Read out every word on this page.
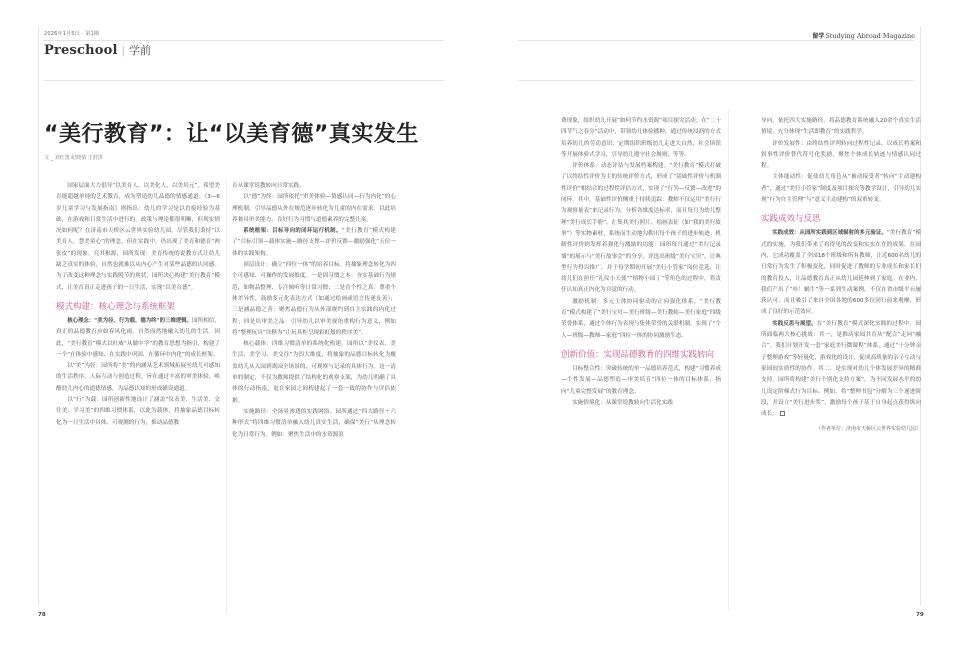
2026年1月5日 · 第1期
Preschool | 学前
“美行教育”：让“以美育德”真实发生
文 _ 刘红蕾 纪晓倩 王舒淇

国家层面大力倡导“以美育人、以美化人、以美培元”，希望美育能超越单纯的艺术教育，成为塑造幼儿品德的情感通道。《3—6岁儿童学习与发展指南》则指出：幼儿的学习是以直接经验为基础，在游戏和日常生活中进行的。政策与理论都很明晰，但现实情况如何呢？在济南市天桥区云世界实验幼儿园，尽管我们秉持“以美育人，慧美童心”的理念，但在实践中，仍出现了美育和德育“两张皮”的现象。究其根源，园所发现：美育传统的说教方式让幼儿缺乏真实的体验，自然也就难以从内心产生对某些品德的认同感。为了改变这种理念与实践脱节的现状，园所决心构建“美行教育”模式，让美育真正走进孩子的一日生活，实现“以美育德”。

模式构建：核心理念与系统框架

核心理念：“美为径、行为载、德为终”的三维逻辑。园所相信，真正的品德教育应如春风化雨，自然而然地融入幼儿的生活。因此，“美行教育”模式以杜威“从做中学”的教育思想为指引，构建了一个“在体验中感知、在实践中巩固、在循环中内化”的成长框架。

以“美”为径：园所将“美”的内涵从艺术领域拓展至幼儿可感知的生活秩序、人际互动与创造过程，旨在通过丰富的审美体验，唤醒幼儿内心的道德情感，为品德认知的形成铺设通道。

以“行”为载：园所创新性地设计了涵盖“仪表美、生活美、交往美、学习美”的四维习惯体系，以此为载体，将抽象品德目标转化为一日生活中具体、可观测的行为，推动品德教

育从课堂说教转向日常实践。

以“德”为终：园所依托“审美体验—情感认同—行为内化”的心理机制，引导品德从外在规范逐步转化为儿童的内在需求，以此培养兼具审美能力、良好行为习惯与道德素养的完整儿童。

系统框架：目标导向的闭环运行机制。“美行教育”模式构建了“目标引领—载体实施—路径支撑—评价反馈—激励强化”五位一体的实践架构。

顶层设计：确立“四位一体”的培养目标。将抽象理念转化为四个可感知、可操作的发展维度。一是固习惯之本：夯实基础行为规范，如物品整理、专注倾听等日常习惯；二是育个性之真：尊重个体差异性，鼓励多元化表达方式（如通过绘画或语言传递友善）；三是涵品德之善：聚焦品德行为从外部规约到自主实践的内化过程；四是培审美之品：引导幼儿以审美视角重构行为意义，例如将“整理玩具”诠释为“让玩具柜呈现彩虹般的秩序美”。

核心载体：四维习惯清单的系统化构建。园所以“美仪表、美生活、美学习、美交往”为四大维度，将抽象的品德目标转化为覆盖幼儿从入园到离园全场景的、可观察与记录的具体行为。这一清单的制定，不仅为教师提供了结构化的观察支架，为幼儿明确了具体的行动指南，更在家园之间构建起了一套一致的协作与评估依据。

实施路径：全场景渗透的实践网络。园所通过“四大路径＋六种形式”将四维习惯清单融入幼儿真实生活，确保“美行”从理念转化为日常行为。例如：聚焦生活中的水资源浪

78
留学 Studying Abroad Magazine

费现象，组织幼儿开展“如何节约水资源”项目探究活动；在“二十四节气之春分”活动中，带领幼儿体验播种，通过传统浸润的方式培养幼儿的劳动意识；定期组织班级幼儿走进大自然、社会场馆等开展体验式学习，引导幼儿遵守社会规则；等等。

评价体系：动态评估与发展档案构建。“美行教育”模式打破了以终结性评价为主的传统评价方式，形成了“基础性评价与机制性评价”相结合的过程性评估方式，实现了“行为—反馈—改进”的闭环。其中，基础性评价侧重于持续追踪：教师不仅运用“美行行为观察量表”来记录行为，分析各维度达标率，而且每月为幼儿整理“美行成长手册”，汇集其美行照片、绘画表征（如“我的美行故事”）等实物素材，系统而生动地勾勒出每个孩子的进步轨迹；机制性评价则发挥着强化与激励的功能：园所每月通过“美行记录墙”的展示与“美行故事会”的分享，评选出班级“美行宝贝”，让典型行为得以推广，并于每学期初开展“美行小管家”岗位竞选，让幼儿们在担任“礼仪小天使”“植物小园丁”等角色的过程中，将责任认知真正内化为自觉的行动。

激励机制：多元主体协同驱动的正向强化体系。“美行教育”模式构建了“美行宝贝—美行班级—美行教师—美行家庭”四级荣誉体系，通过个体行为表现与集体荣誉的关联机制，实现了“个人—班级—教师—家庭”四位一体的协同激励生态。

创新价值：实现品德教育的四维实践转向

目标整合性：突破传统的单一品德培养范式，构建“习惯养成—个性发展—品德塑造—审美培育”四位一体的目标体系，指向“儿童完整发展”的教育理念。

实施情境化：从课堂说教转向生活化实践

导向，依托四大实施路径，将品德教育系统融入20余个真实生活情境，充分体现“生活即教育”的实践哲学。

评价发展性：由终结性评判转向过程性记录，以成长档案和叙事性评价替代符号化奖励，聚焦个体成长轨迹与情感认同过程。

主体能动性：促使幼儿角色从“被动接受者”转向“主动建构者”，通过“美行小管家”制度及项目探究等教学设计，引导幼儿实现“行为自主管理”与“意义主动建构”的双重转变。

实践成效与反思

实践成效：从园所实践到区域辐射的多元验证。“美行教育”模式的实施，为我们带来了看得见的改变和实实在在的成果。在园内，它成功覆盖了全园18个班级和所有教师，让近600名幼儿的日常行为发生了积极变化，同时促进了教师的专业成长和家长们的教育投入，让品德教育真正从幼儿园延伸到了家庭。在业内，我们产出了“哇！蜗牛”等一系列生动案例，不仅在省市级平台屡获认可，而且吸引了来自全国各地的600多位同行前来观摩，形成了良好的示范效应。

实践反思与展望。在“美行教育”模式深化实践的过程中，园所面临两大核心挑战：其一，是推动家园共育从“配合”走向“融合”。我们计划开发一套“家庭美行微课程”体系，通过“十分钟亲子整理游戏”等轻量化、游戏化的设计，促成高质量的亲子互动与家园间实质性的协作。其二，是实现对幼儿个体发展差异的精准支持。园所将构建“美行个别化支持方案”，为不同发展水平的幼儿设定阶梯式行为目标。例如，将“整理书包”分解为三个递进阶段，并设立“美行进步奖”，激励每个孩子基于自身起点获得纵向成长。

（作者单位：济南市天桥区云世界实验幼儿园）
79
